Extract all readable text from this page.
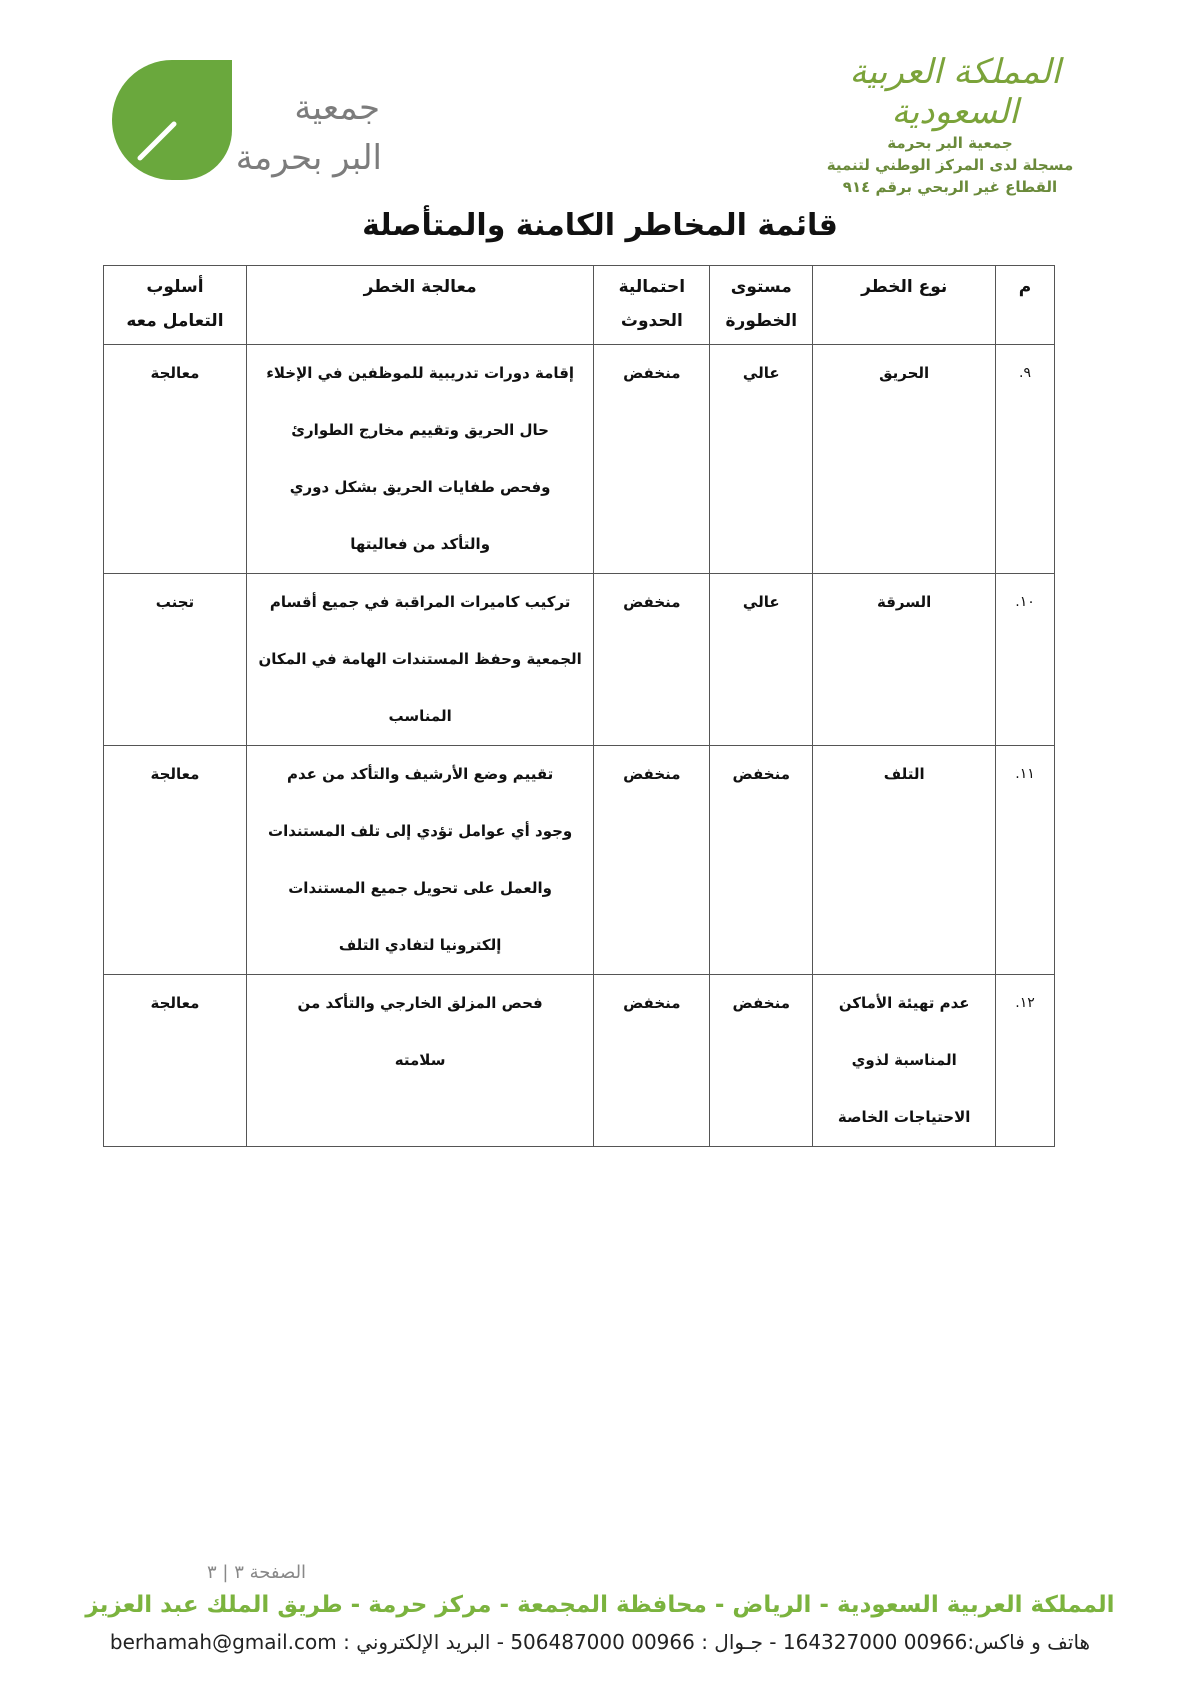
جمعية
البر بحرمة
المملكة العربية السعودية
جمعية البر بحرمة
مسجلة لدى المركز الوطني لتنمية
القطاع غير الربحي برقم ٩١٤
قائمة المخاطر الكامنة والمتأصلة
م	نوع الخطر	مستوى
الخطورة	احتمالية
الحدوث	معالجة الخطر	أسلوب
التعامل معه

٩.	الحريق	عالي	منخفض	إقامة دورات تدريبية للموظفين في الإخلاء
حال الحريق وتقييم مخارج الطوارئ
وفحص طفايات الحريق بشكل دوري
والتأكد من فعاليتها	معالجة
١٠.	السرقة	عالي	منخفض	تركيب كاميرات المراقبة في جميع أقسام
الجمعية وحفظ المستندات الهامة في المكان
المناسب	تجنب
١١.	التلف	منخفض	منخفض	تقييم وضع الأرشيف والتأكد من عدم
وجود أي عوامل تؤدي إلى تلف المستندات
والعمل على تحويل جميع المستندات
إلكترونيا لتفادي التلف	معالجة
١٢.	عدم تهيئة الأماكن
المناسبة لذوي
الاحتياجات الخاصة	منخفض	منخفض	فحص المزلق الخارجي والتأكد من
سلامته	معالجة
الصفحة ٣ | ٣
المملكة العربية السعودية - الرياض - محافظة المجمعة - مركز حرمة - طريق الملك عبد العزيز
هاتف و فاكس:00966 164327000 - جـوال : 00966 506487000 - البريد الإلكتروني : berhamah@gmail.com
